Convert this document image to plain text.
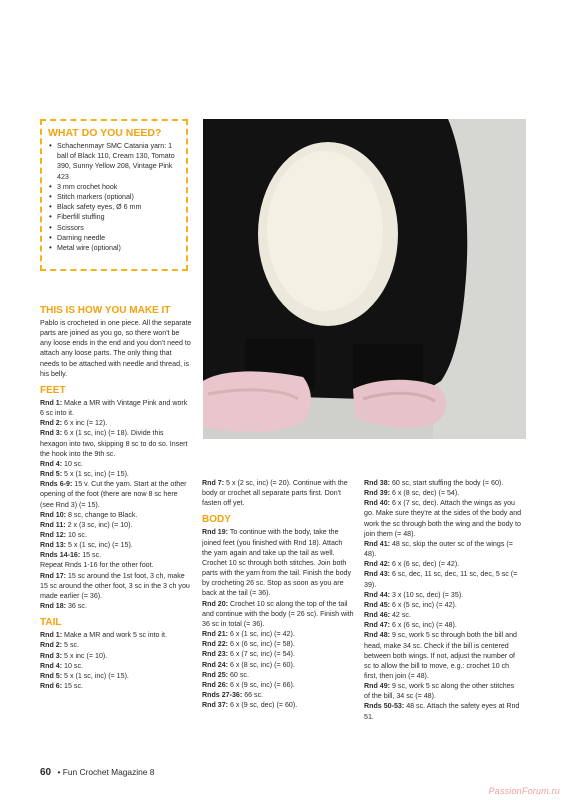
WHAT DO YOU NEED?
• Schachenmayr SMC Catania yarn: 1 ball of Black 110, Cream 130, Tomato 390, Sunny Yellow 208, Vintage Pink 423
• 3 mm crochet hook
• Stitch markers (optional)
• Black safety eyes, Ø 6 mm
• Fiberfill stuffing
• Scissors
• Darning needle
• Metal wire (optional)
THIS IS HOW YOU MAKE IT

Pablo is crocheted in one piece. All the separate parts are joined as you go, so there won't be any loose ends in the end and you don't need to attach any loose parts. The only thing that needs to be attached with needle and thread, is his belly.

FEET

Rnd 1: Make a MR with Vintage Pink and work 6 sc into it.

Rnd 2: 6 x inc (= 12).

Rnd 3: 6 x (1 sc, inc) (= 18). Divide this hexagon into two, skipping 8 sc to do so. Insert the hook into the 9th sc.

Rnd 4: 10 sc.

Rnd 5: 5 x (1 sc, inc) (= 15).

Rnds 6-9: 15 v. Cut the yarn. Start at the other opening of the foot (there are now 8 sc here (see Rnd 3) (= 15).

Rnd 10: 8 sc, change to Black.

Rnd 11: 2 x (3 sc, inc) (= 10).

Rnd 12: 10 sc.

Rnd 13: 5 x (1 sc, inc) (= 15).

Rnds 14-16: 15 sc.

Repeat Rnds 1-16 for the other foot.

Rnd 17: 15 sc around the 1st foot, 3 ch, make 15 sc around the other foot, 3 sc in the 3 ch you made earlier (= 36).

Rnd 18: 36 sc.

TAIL

Rnd 1: Make a MR and work 5 sc into it.

Rnd 2: 5 sc.

Rnd 3: 5 x inc (= 10).

Rnd 4: 10 sc.

Rnd 5: 5 x (1 sc, inc) (= 15).

Rnd 6: 15 sc.

Rnd 7: 5 x (2 sc, inc) (= 20). Continue with the body or crochet all separate parts first. Don't fasten off yet.

BODY

Rnd 19: To continue with the body, take the joined feet (you finished with Rnd 18). Attach the yarn again and take up the tail as well. Crochet 10 sc through both stitches. Join both parts with the yarn from the tail. Finish the body by crocheting 26 sc. Stop as soon as you are back at the tail (= 36).

Rnd 20: Crochet 10 sc along the top of the tail and continue with the body (= 26 sc). Finish with 36 sc in total (= 36).

Rnd 21: 6 x (1 sc, inc) (= 42).

Rnd 22: 6 x (6 sc, inc) (= 58).

Rnd 23: 6 x (7 sc, inc) (= 54).

Rnd 24: 6 x (8 sc, inc) (= 60).

Rnd 25: 60 sc.

Rnd 26: 6 x (9 sc, inc) (= 66).

Rnds 27-36: 66 sc.

Rnd 37: 6 x (9 sc, dec) (= 60).

Rnd 38: 60 sc, start stuffing the body (= 60).

Rnd 39: 6 x (8 sc, dec) (= 54).

Rnd 40: 6 x (7 sc, dec). Attach the wings as you go. Make sure they're at the sides of the body and work the sc through both the wing and the body to join them (= 48).

Rnd 41: 48 sc, skip the outer sc of the wings (= 48).

Rnd 42: 6 x (6 sc, dec) (= 42).

Rnd 43: 6 sc, dec, 11 sc, dec, 11 sc, dec, 5 sc (= 39).

Rnd 44: 3 x (10 sc, dec) (= 35).

Rnd 45: 6 x (5 sc, inc) (= 42).

Rnd 46: 42 sc.

Rnd 47: 6 x (6 sc, inc) (= 48).

Rnd 48: 9 sc, work 5 sc through both the bill and head, make 34 sc. Check if the bill is centered between both wings. If not, adjust the number of sc to allow the bill to move, e.g.: crochet 10 ch first, then join (= 48).

Rnd 49: 9 sc, work 5 sc along the other stitches of the bill, 34 sc (= 48).

Rnds 50-53: 48 sc. Attach the safety eyes at Rnd 51.

60 • Fun Crochet Magazine 8
PassionForum.ru
